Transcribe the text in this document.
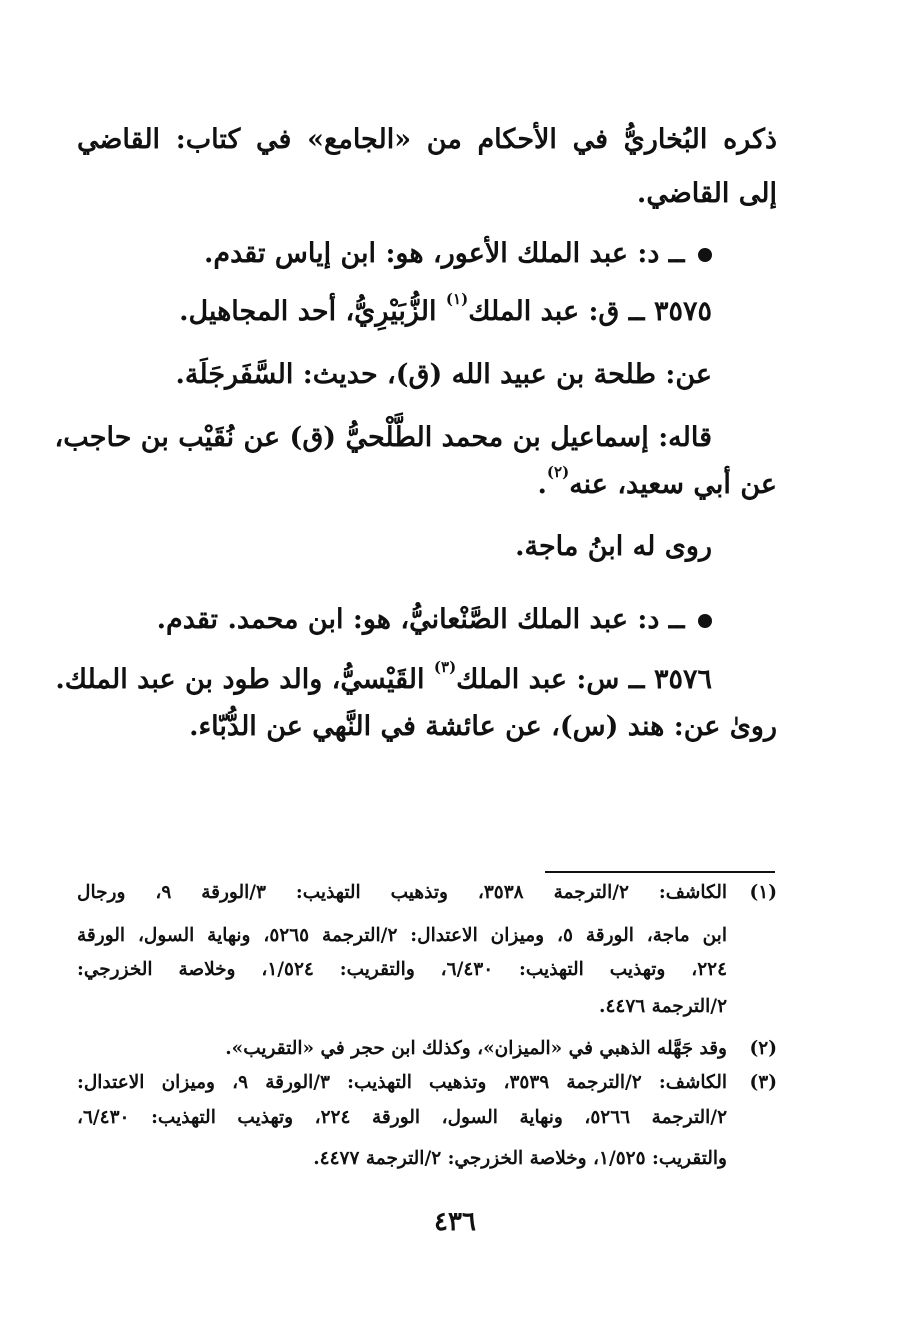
ذكره البُخاريُّ في الأحكام من «الجامع» في كتاب: القاضي
إلى القاضي.
ــ د: عبد الملك الأعور، هو: ابن إياس تقدم.
٣٥٧٥ ــ ق: عبد الملك$^{(١)}$ الزُّبَيْرِيُّ، أحد المجاهيل.
عن: طلحة بن عبيد الله (ق)، حديث: السَّفَرجَلَة.
قاله: إسماعيل بن محمد الطَّلْحيُّ (ق) عن نُقَيْب بن حاجب،
عن أبي سعيد، عنه$^{(٢)}$.
روى له ابنُ ماجة.
ــ د: عبد الملك الصَّنْعانيُّ، هو: ابن محمد. تقدم.
٣٥٧٦ ــ س: عبد الملك$^{(٣)}$ القَيْسيُّ، والد طود بن عبد الملك.
روىٰ عن: هند (س)، عن عائشة في النَّهي عن الدُّبّاء.
(١)
الكاشف: ٢/الترجمة ٣٥٣٨، وتذهيب التهذيب: ٣/الورقة ٩، ورجال
ابن ماجة، الورقة ٥، وميزان الاعتدال: ٢/الترجمة ٥٢٦٥، ونهاية السول، الورقة
٢٢٤، وتهذيب التهذيب: ٦/٤٣٠، والتقريب: ١/٥٢٤، وخلاصة الخزرجي:
٢/الترجمة ٤٤٧٦.
(٢)
وقد جَهَّله الذهبي في «الميزان»، وكذلك ابن حجر في «التقريب».
(٣)
الكاشف: ٢/الترجمة ٣٥٣٩، وتذهيب التهذيب: ٣/الورقة ٩، وميزان الاعتدال:
٢/الترجمة ٥٢٦٦، ونهاية السول، الورقة ٢٢٤، وتهذيب التهذيب: ٦/٤٣٠،
والتقريب: ١/٥٢٥، وخلاصة الخزرجي: ٢/الترجمة ٤٤٧٧.
٤٣٦
